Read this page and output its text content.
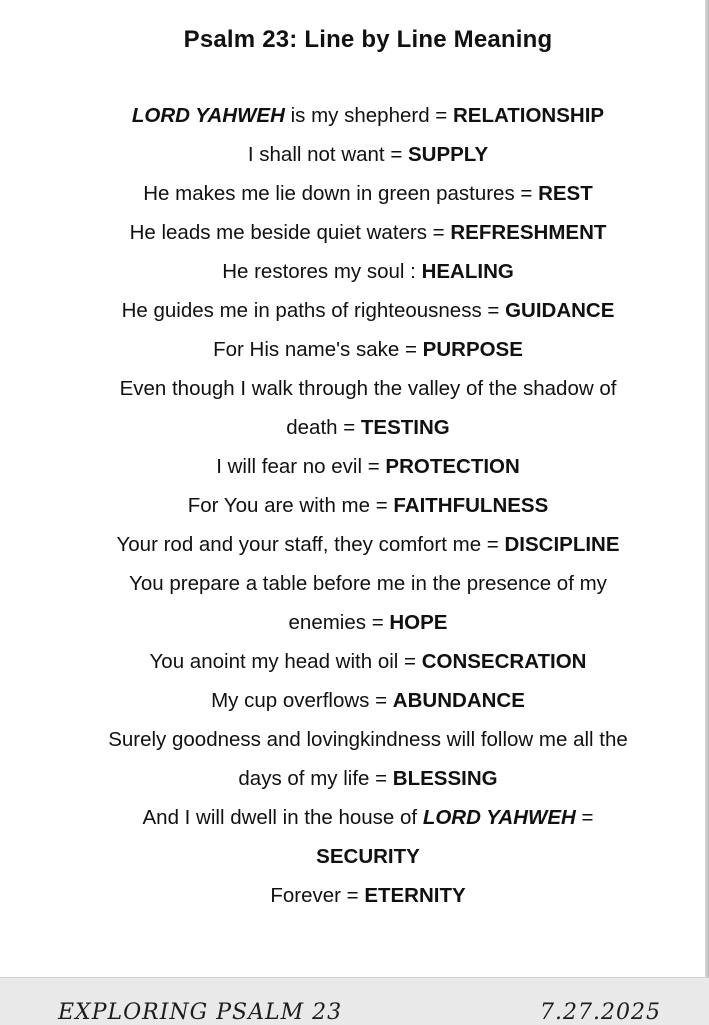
Psalm 23: Line by Line Meaning
LORD YAHWEH is my shepherd = RELATIONSHIP
I shall not want = SUPPLY
He makes me lie down in green pastures = REST
He leads me beside quiet waters = REFRESHMENT
He restores my soul : HEALING
He guides me in paths of righteousness = GUIDANCE
For His name's sake = PURPOSE
Even though I walk through the valley of the shadow of
death = TESTING
I will fear no evil = PROTECTION
For You are with me = FAITHFULNESS
Your rod and your staff, they comfort me = DISCIPLINE
You prepare a table before me in the presence of my
enemies = HOPE
You anoint my head with oil = CONSECRATION
My cup overflows = ABUNDANCE
Surely goodness and lovingkindness will follow me all the
days of my life = BLESSING
And I will dwell in the house of LORD YAHWEH =
SECURITY
Forever = ETERNITY
EXPLORING PSALM 23	7.27.2025
